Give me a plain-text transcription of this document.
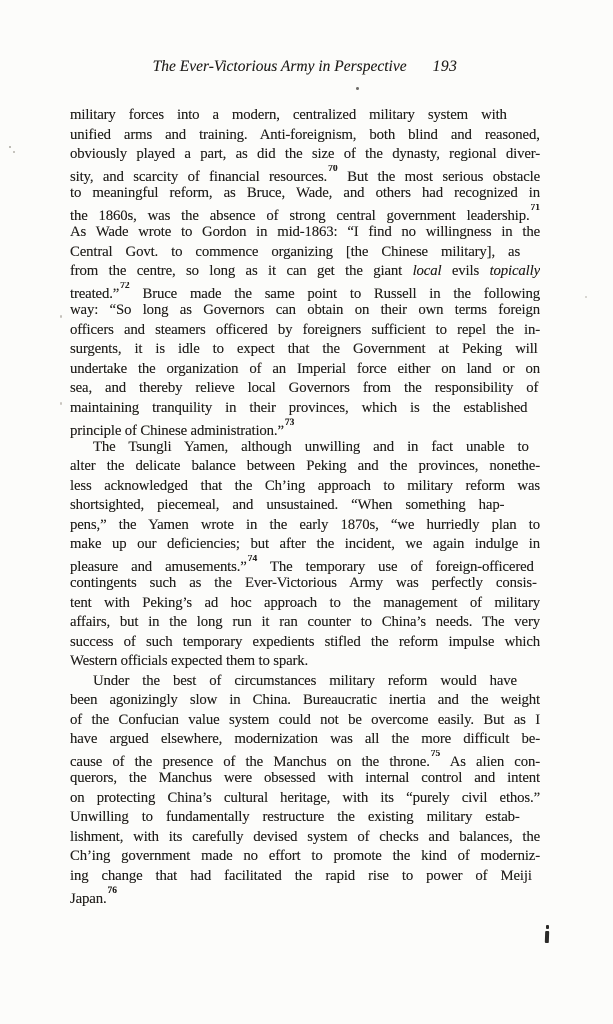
The Ever-Victorious Army in Perspective 193
military forces into a modern, centralized military system with
unified arms and training. Anti-foreignism, both blind and reasoned,
obviously played a part, as did the size of the dynasty, regional diver-
sity, and scarcity of financial resources.$^{70}$ But the most serious obstacle
to meaningful reform, as Bruce, Wade, and others had recognized in
the 1860s, was the absence of strong central government leadership.$^{71}$
As Wade wrote to Gordon in mid-1863: “I find no willingness in the
Central Govt. to commence organizing [the Chinese military], as
from the centre, so long as it can get the giant local evils topically
treated.”$^{72}$ Bruce made the same point to Russell in the following
way: “So long as Governors can obtain on their own terms foreign
officers and steamers officered by foreigners sufficient to repel the in-
surgents, it is idle to expect that the Government at Peking will
undertake the organization of an Imperial force either on land or on
sea, and thereby relieve local Governors from the responsibility of
maintaining tranquility in their provinces, which is the established
principle of Chinese administration.”$^{73}$
The Tsungli Yamen, although unwilling and in fact unable to
alter the delicate balance between Peking and the provinces, nonethe-
less acknowledged that the Ch’ing approach to military reform was
shortsighted, piecemeal, and unsustained. “When something hap-
pens,” the Yamen wrote in the early 1870s, “we hurriedly plan to
make up our deficiencies; but after the incident, we again indulge in
pleasure and amusements.”$^{74}$ The temporary use of foreign-officered
contingents such as the Ever-Victorious Army was perfectly consis-
tent with Peking’s ad hoc approach to the management of military
affairs, but in the long run it ran counter to China’s needs. The very
success of such temporary expedients stifled the reform impulse which
Western officials expected them to spark.
Under the best of circumstances military reform would have
been agonizingly slow in China. Bureaucratic inertia and the weight
of the Confucian value system could not be overcome easily. But as I
have argued elsewhere, modernization was all the more difficult be-
cause of the presence of the Manchus on the throne.$^{75}$ As alien con-
querors, the Manchus were obsessed with internal control and intent
on protecting China’s cultural heritage, with its “purely civil ethos.”
Unwilling to fundamentally restructure the existing military estab-
lishment, with its carefully devised system of checks and balances, the
Ch’ing government made no effort to promote the kind of moderniz-
ing change that had facilitated the rapid rise to power of Meiji
Japan.$^{76}$
